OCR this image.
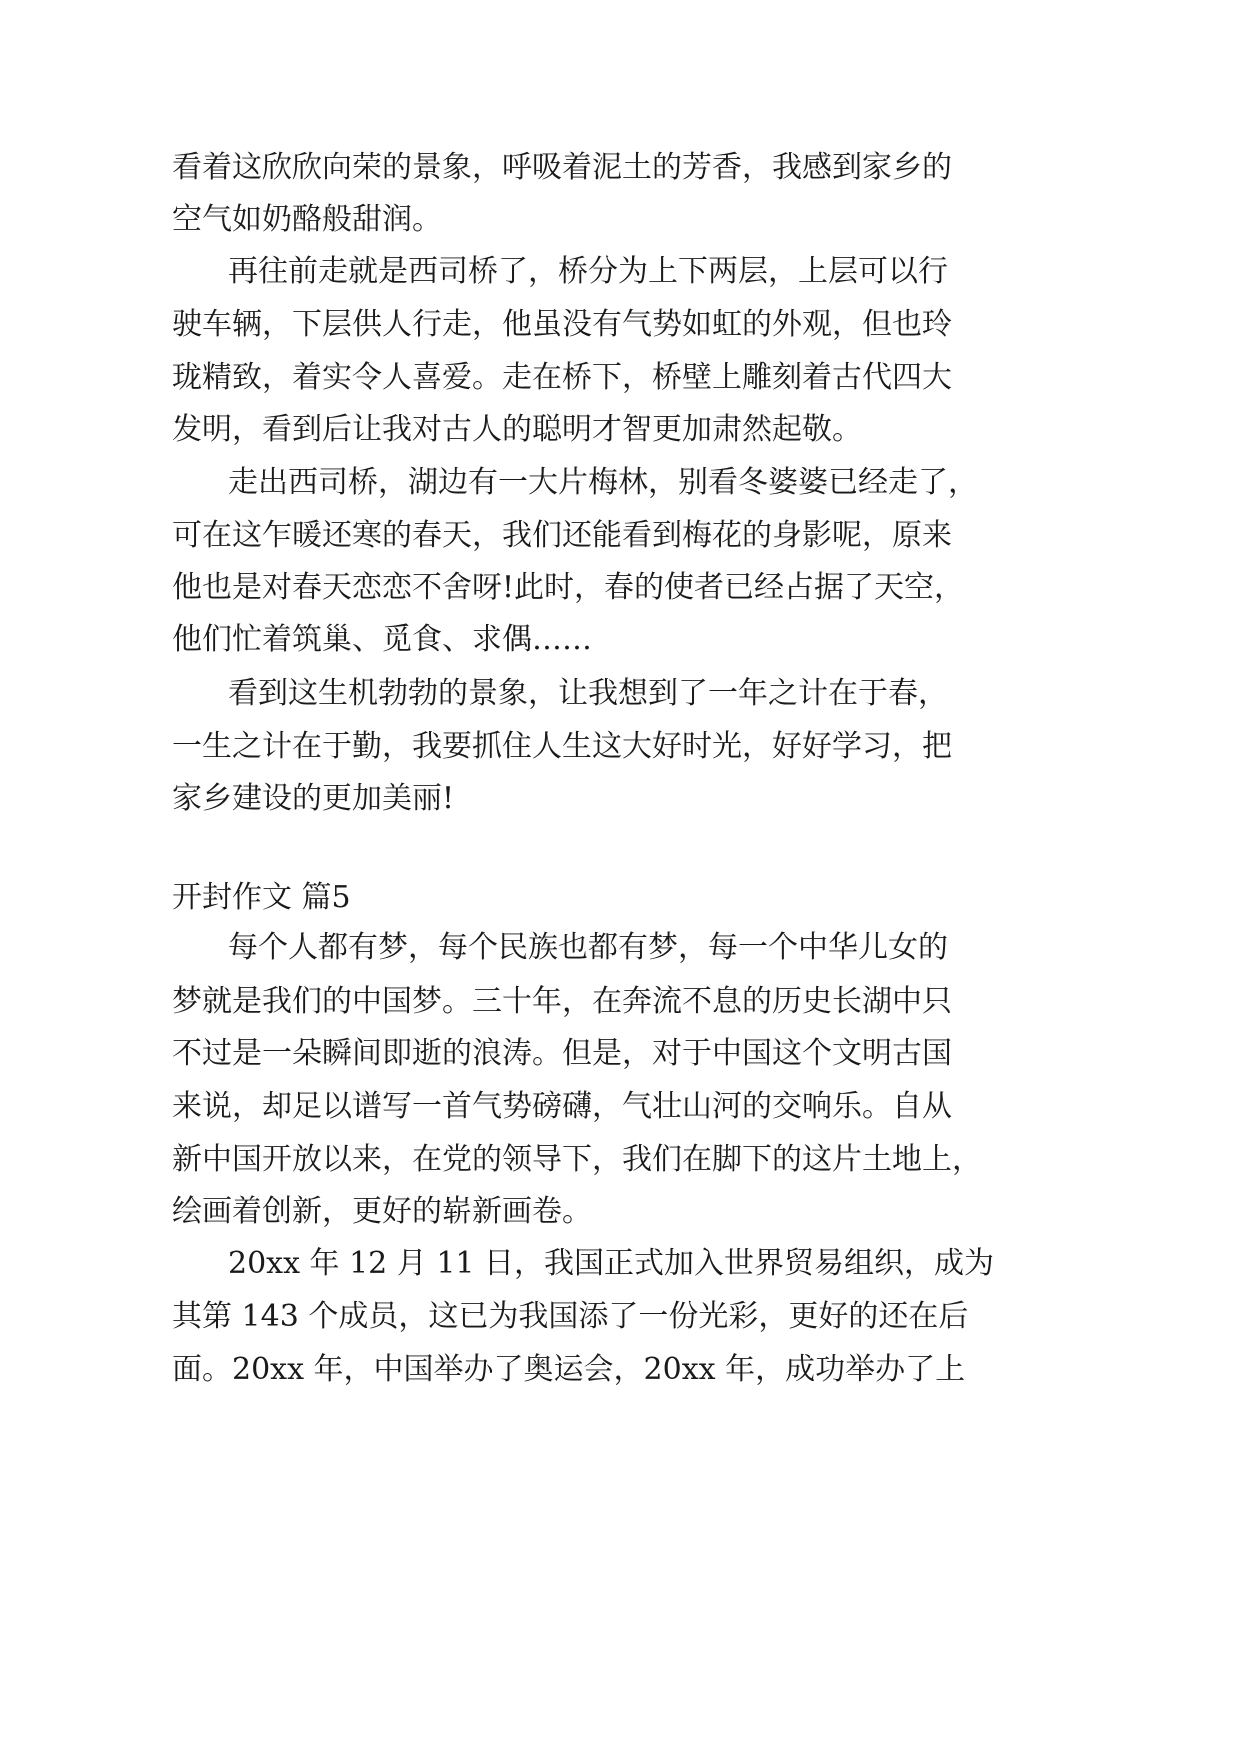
看着这欣欣向荣的景象，呼吸着泥土的芳香，我感到家乡的
空气如奶酪般甜润。
再往前走就是西司桥了，桥分为上下两层，上层可以行
驶车辆，下层供人行走，他虽没有气势如虹的外观，但也玲
珑精致，着实令人喜爱。走在桥下，桥壁上雕刻着古代四大
发明，看到后让我对古人的聪明才智更加肃然起敬。
走出西司桥，湖边有一大片梅林，别看冬婆婆已经走了，
可在这乍暖还寒的春天，我们还能看到梅花的身影呢，原来
他也是对春天恋恋不舍呀!此时，春的使者已经占据了天空，
他们忙着筑巢、觅食、求偶……
看到这生机勃勃的景象，让我想到了一年之计在于春，
一生之计在于勤，我要抓住人生这大好时光，好好学习，把
家乡建设的更加美丽!
开封作文 篇5
每个人都有梦，每个民族也都有梦，每一个中华儿女的
梦就是我们的中国梦。三十年，在奔流不息的历史长湖中只
不过是一朵瞬间即逝的浪涛。但是，对于中国这个文明古国
来说，却足以谱写一首气势磅礴，气壮山河的交响乐。自从
新中国开放以来，在党的领导下，我们在脚下的这片土地上，
绘画着创新，更好的崭新画卷。
20xx 年 12 月 11 日，我国正式加入世界贸易组织，成为
其第 143 个成员，这已为我国添了一份光彩，更好的还在后
面。20xx 年，中国举办了奥运会，20xx 年，成功举办了上
